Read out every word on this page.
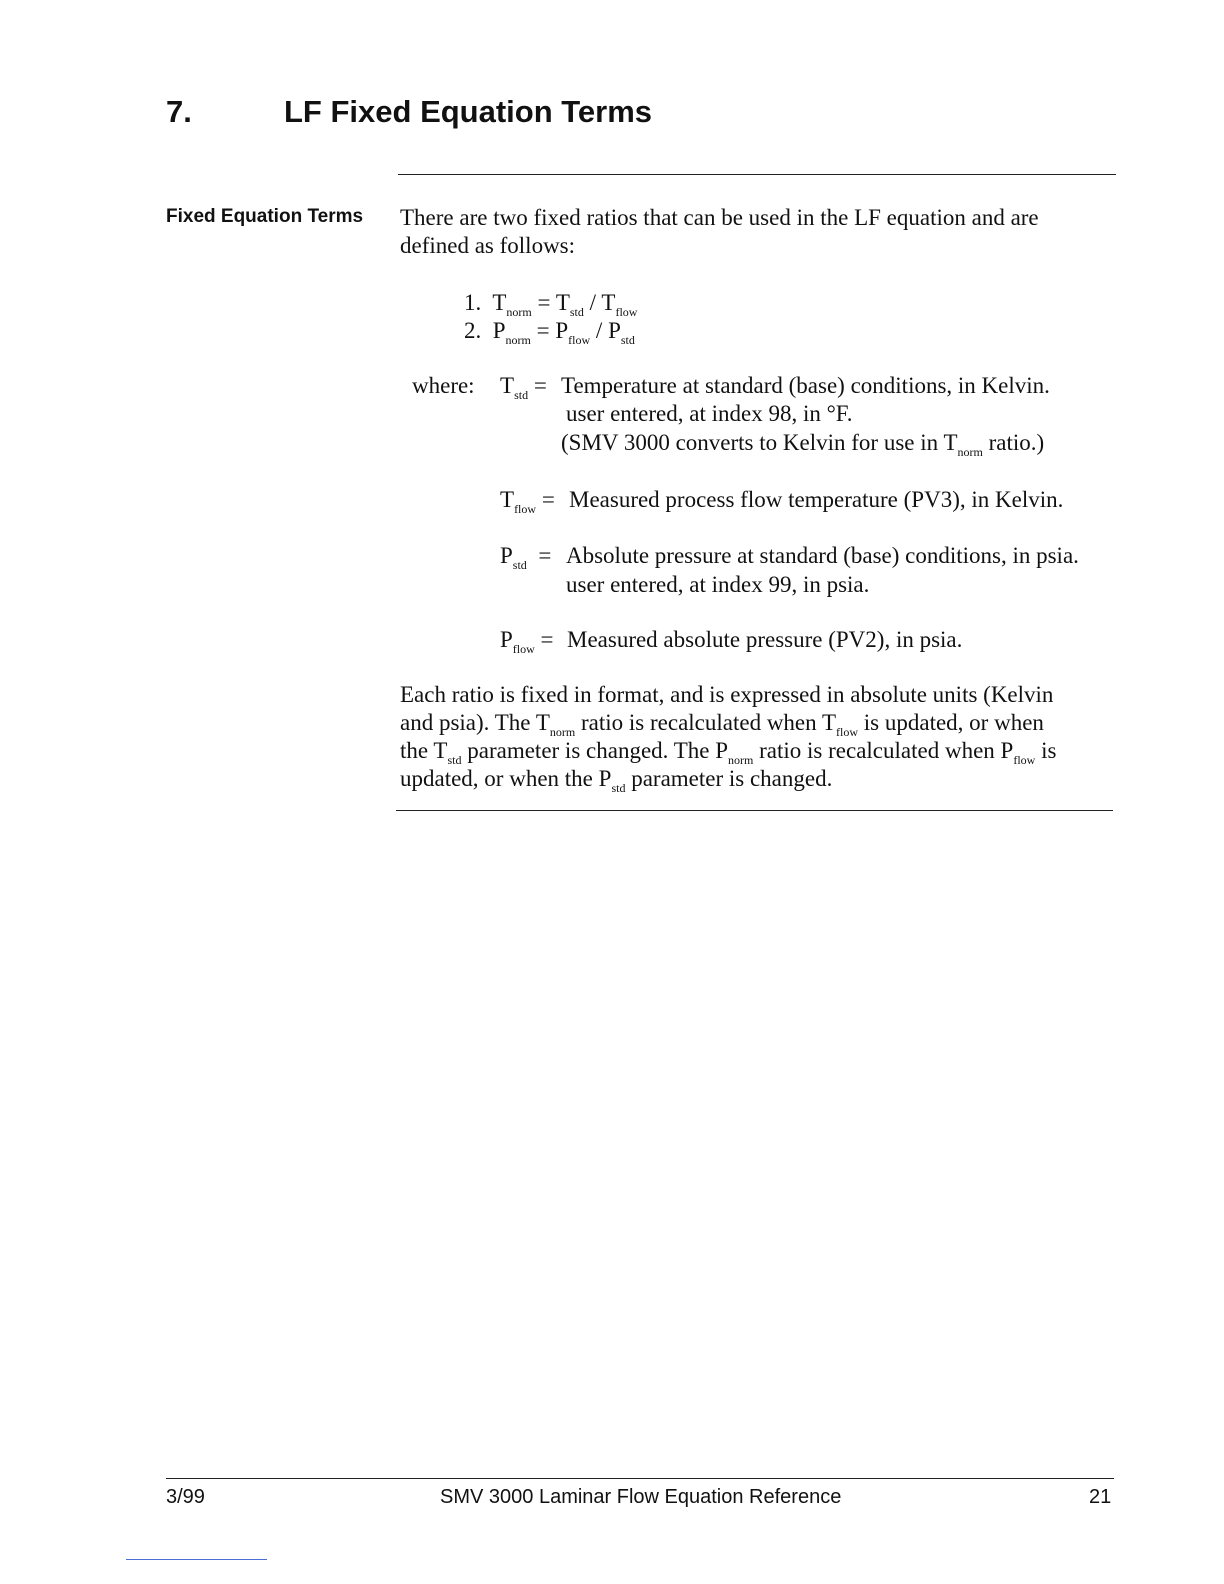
7.	LF Fixed Equation Terms
Fixed Equation Terms There are two fixed ratios that can be used in the LF equation and are
defined as follows:
1. $T_{norm} = T_{std} / T_{flow}$
2. $P_{norm} = P_{flow} / P_{std}$
where: $T_{std}$ = Temperature at standard (base) conditions, in Kelvin.
user entered, at index 98, in °F.
(SMV 3000 converts to Kelvin for use in $T_{norm}$ ratio.)
$T_{flow}$ = Measured process flow temperature (PV3), in Kelvin.
$P_{std}$ = Absolute pressure at standard (base) conditions, in psia.
user entered, at index 99, in psia.
$P_{flow}$ = Measured absolute pressure (PV2), in psia.
Each ratio is fixed in format, and is expressed in absolute units (Kelvin
and psia). The $T_{norm}$ ratio is recalculated when $T_{flow}$ is updated, or when
the $T_{std}$ parameter is changed. The $P_{norm}$ ratio is recalculated when $P_{flow}$ is
updated, or when the $P_{std}$ parameter is changed.
3/99	SMV 3000 Laminar Flow Equation Reference	21
